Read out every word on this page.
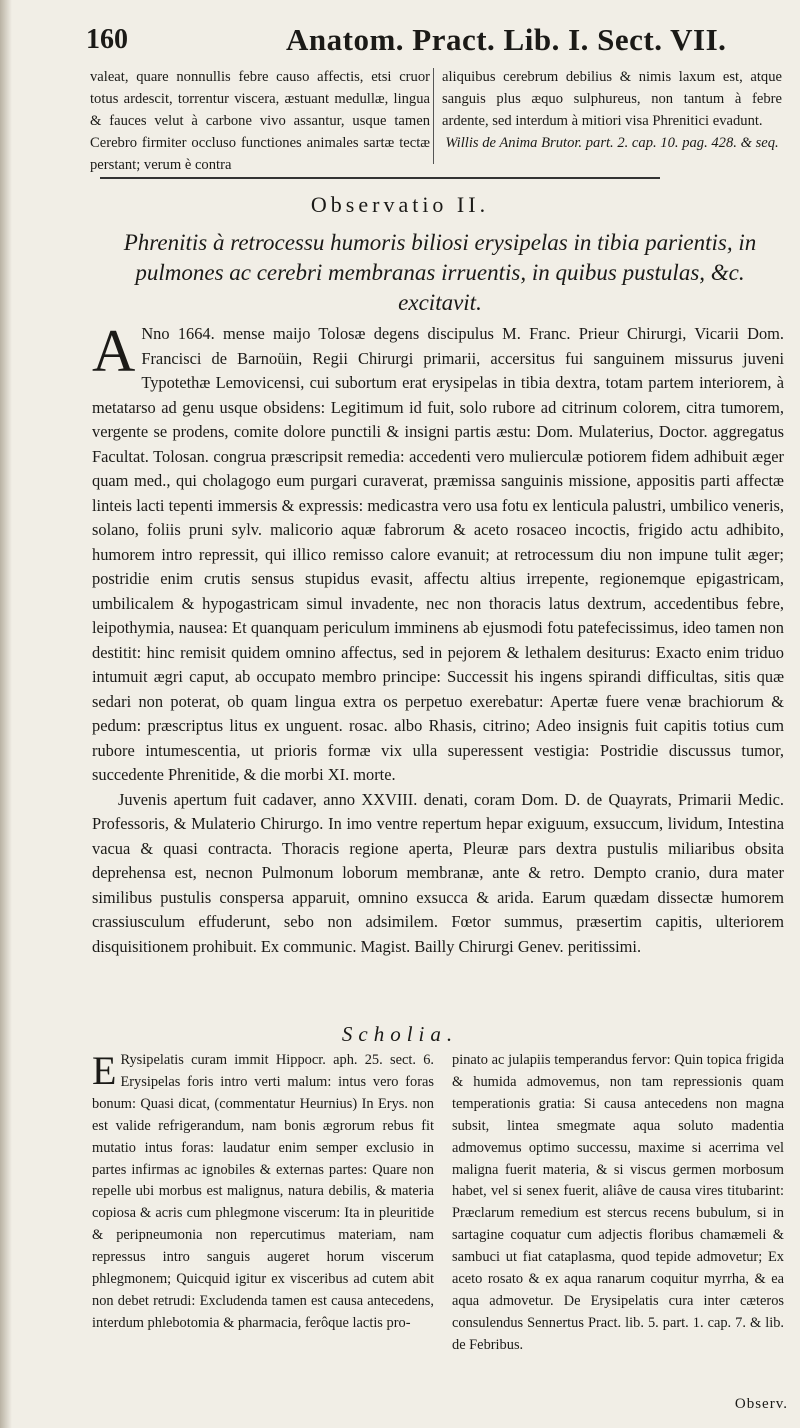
160	Anatom. Pract. Lib. I. Sect. VII.
valeat, quare nonnullis febre causo affectis, etsi cruor totus ardescit, torrentur viscera, æstuant medullæ, lingua & fauces velut à carbone vivo assantur, usque tamen Cerebro firmiter occluso functiones animales sartæ tectæ perstant; verum è contra
aliquibus cerebrum debilius & nimis laxum est, atque sanguis plus æquo sulphureus, non tantum à febre ardente, sed interdum à mitiori visa Phrenitici evadunt.
Willis de Anima Brutor. part. 2. cap. 10. pag. 428. & seq.
Observatio II.
Phrenitis à retrocessu humoris biliosi erysipelas in tibia parientis, in pulmones ac cerebri membranas irruentis, in quibus pustulas, &c. excitavit.

A Nno 1664. mense maijo Tolosæ degens discipulus M. Franc. Prieur Chirurgi, Vicarii Dom. Francisci de Barnoüin, Regii Chirurgi primarii, accersitus fui sanguinem missurus juveni Typotethæ Lemovicensi, cui subortum erat erysipelas in tibia dextra, totam partem interiorem, à metatarso ad genu usque obsidens: Legitimum id fuit, solo rubore ad citrinum colorem, citra tumorem, vergente se prodens, comite dolore punctili & insigni partis æstu: Dom. Mulaterius, Doctor. aggregatus Facultat. Tolosan. congrua præscripsit remedia: accedenti vero mulierculæ potiorem fidem adhibuit æger quam med., qui cholagogo eum purgari curaverat, præmissa sanguinis missione, appositis parti affectæ linteis lacti tepenti immersis & expressis: medicastra vero usa fotu ex lenticula palustri, umbilico veneris, solano, foliis pruni sylv. malicorio aquæ fabrorum & aceto rosaceo incoctis, frigido actu adhibito, humorem intro repressit, qui illico remisso calore evanuit; at retrocessum diu non impune tulit æger; postridie enim crutis sensus stupidus evasit, affectu altius irrepente, regionemque epigastricam, umbilicalem & hypogastricam simul invadente, nec non thoracis latus dextrum, accedentibus febre, leipothymia, nausea: Et quanquam periculum imminens ab ejusmodi fotu patefecissimus, ideo tamen non destitit: hinc remisit quidem omnino affectus, sed in pejorem & lethalem desiturus: Exacto enim triduo intumuit ægri caput, ab occupato membro principe: Successit his ingens spirandi difficultas, sitis quæ sedari non poterat, ob quam lingua extra os perpetuo exerebatur: Apertæ fuere venæ brachiorum & pedum: præscriptus litus ex unguent. rosac. albo Rhasis, citrino; Adeo insignis fuit capitis totius cum rubore intumescentia, ut prioris formæ vix ulla superessent vestigia: Postridie discussus tumor, succedente Phrenitide, & die morbi XI. morte.

Juvenis apertum fuit cadaver, anno XXVIII. denati, coram Dom. D. de Quayrats, Primarii Medic. Professoris, & Mulaterio Chirurgo. In imo ventre repertum hepar exiguum, exsuccum, lividum, Intestina vacua & quasi contracta. Thoracis regione aperta, Pleuræ pars dextra pustulis miliaribus obsita deprehensa est, necnon Pulmonum loborum membranæ, ante & retro. Dempto cranio, dura mater similibus pustulis conspersa apparuit, omnino exsucca & arida. Earum quædam dissectæ humorem crassiusculum effuderunt, sebo non adsimilem. Fœtor summus, præsertim capitis, ulteriorem disquisitionem prohibuit. Ex communic. Magist. Bailly Chirurgi Genev. peritissimi.

Scholia.
E Rysipelatis curam immit Hippocr. aph. 25. sect. 6. Erysipelas foris intro verti malum: intus vero foras bonum: Quasi dicat, (commentatur Heurnius) In Erys. non est valide refrigerandum, nam bonis ægrorum rebus fit mutatio intus foras: laudatur enim semper exclusio in partes infirmas ac ignobiles & externas partes: Quare non repelle ubi morbus est malignus, natura debilis, & materia copiosa & acris cum phlegmone viscerum: Ita in pleuritide & peripneumonia non repercutimus materiam, nam repressus intro sanguis augeret horum viscerum phlegmonem; Quicquid igitur ex visceribus ad cutem abit non debet retrudi: Excludenda tamen est causa antecedens, interdum phlebotomia & pharmacia, ferôque lactis pro-
pinato ac julapiis temperandus fervor: Quin topica frigida & humida admovemus, non tam repressionis quam temperationis gratia: Si causa antecedens non magna subsit, lintea smegmate aqua soluto madentia admovemus optimo successu, maxime si acerrima vel maligna fuerit materia, & si viscus germen morbosum habet, vel si senex fuerit, aliâve de causa vires titubarint: Præclarum remedium est stercus recens bubulum, si in sartagine coquatur cum adjectis floribus chamæmeli & sambuci ut fiat cataplasma, quod tepide admovetur; Ex aceto rosato & ex aqua ranarum coquitur myrrha, & ea aqua admovetur. De Erysipelatis cura inter cæteros consulendus Sennertus Pract. lib. 5. part. 1. cap. 7. & lib. de Febribus.
Observ.
